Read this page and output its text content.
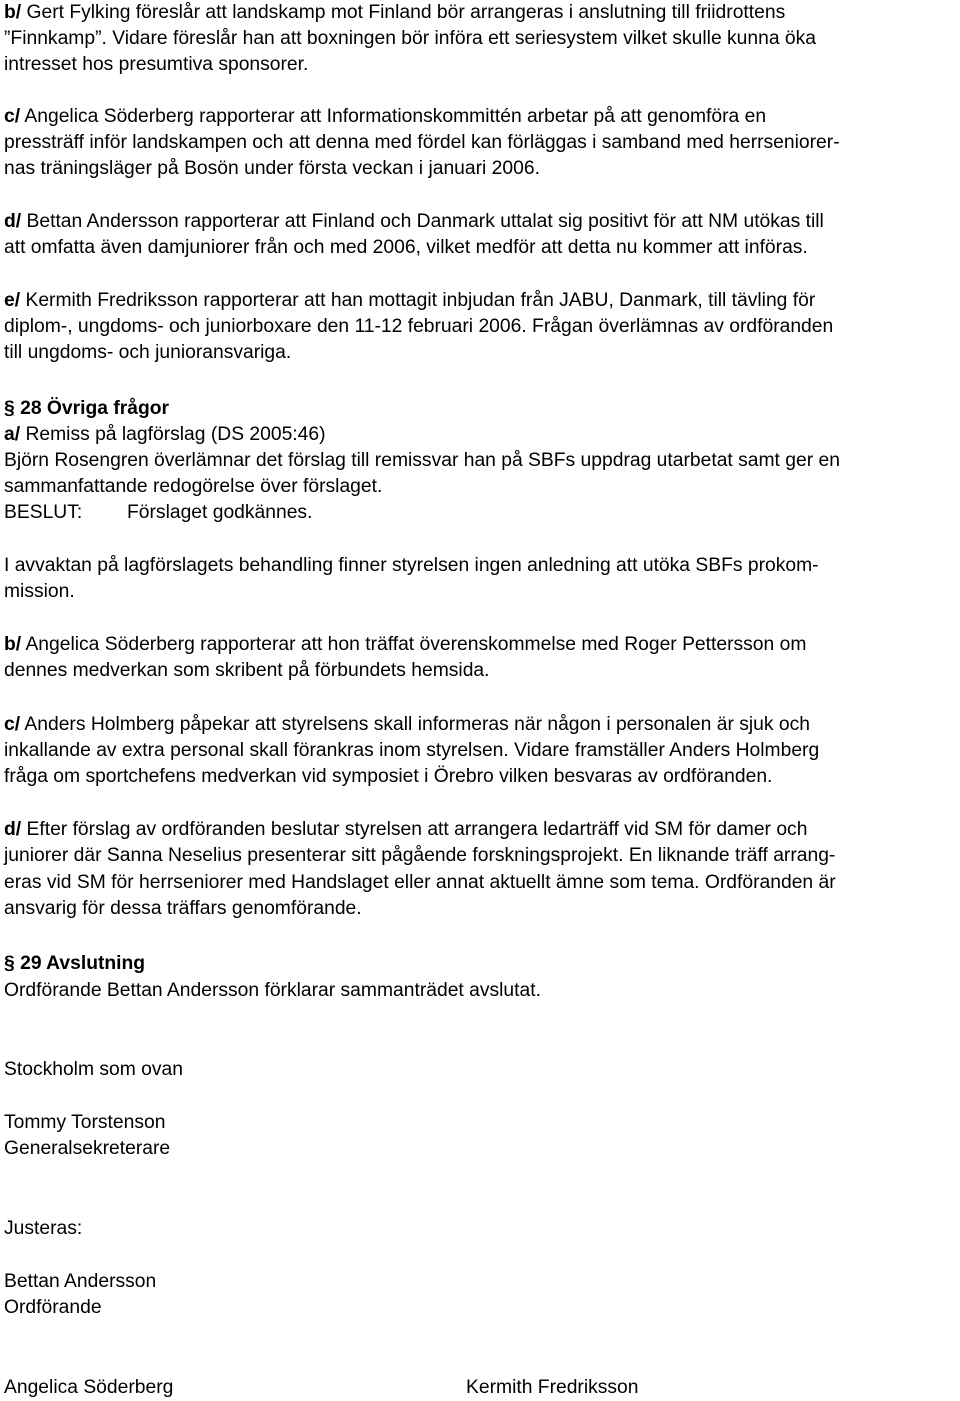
b/ Gert Fylking föreslår att landskamp mot Finland bör arrangeras i anslutning till friidrottens
”Finnkamp”. Vidare föreslår han att boxningen bör införa ett seriesystem vilket skulle kunna öka
intresset hos presumtiva sponsorer.
c/ Angelica Söderberg rapporterar att Informationskommittén arbetar på att genomföra en
pressträff inför landskampen och att denna med fördel kan förläggas i samband med herrseniorer-
nas träningsläger på Bosön under första veckan i januari 2006.
d/ Bettan Andersson rapporterar att Finland och Danmark uttalat sig positivt för att NM utökas till
att omfatta även damjuniorer från och med 2006, vilket medför att detta nu kommer att införas.
e/ Kermith Fredriksson rapporterar att han mottagit inbjudan från JABU, Danmark, till tävling för
diplom-, ungdoms- och juniorboxare den 11-12 februari 2006. Frågan överlämnas av ordföranden
till ungdoms- och junioransvariga.
§ 28 Övriga frågor
a/ Remiss på lagförslag (DS 2005:46)
Björn Rosengren överlämnar det förslag till remissvar han på SBFs uppdrag utarbetat samt ger en
sammanfattande redogörelse över förslaget.
BESLUT: Förslaget godkännes.
I avvaktan på lagförslagets behandling finner styrelsen ingen anledning att utöka SBFs prokom-
mission.
b/ Angelica Söderberg rapporterar att hon träffat överenskommelse med Roger Pettersson om
dennes medverkan som skribent på förbundets hemsida.
c/ Anders Holmberg påpekar att styrelsens skall informeras när någon i personalen är sjuk och
inkallande av extra personal skall förankras inom styrelsen. Vidare framställer Anders Holmberg
fråga om sportchefens medverkan vid symposiet i Örebro vilken besvaras av ordföranden.
d/ Efter förslag av ordföranden beslutar styrelsen att arrangera ledarträff vid SM för damer och
juniorer där Sanna Neselius presenterar sitt pågående forskningsprojekt. En liknande träff arrang-
eras vid SM för herrseniorer med Handslaget eller annat aktuellt ämne som tema. Ordföranden är
ansvarig för dessa träffars genomförande.
§ 29 Avslutning
Ordförande Bettan Andersson förklarar sammanträdet avslutat.
Stockholm som ovan
Tommy Torstenson
Generalsekreterare
Justeras:
Bettan Andersson
Ordförande
Angelica Söderberg	Kermith Fredriksson
